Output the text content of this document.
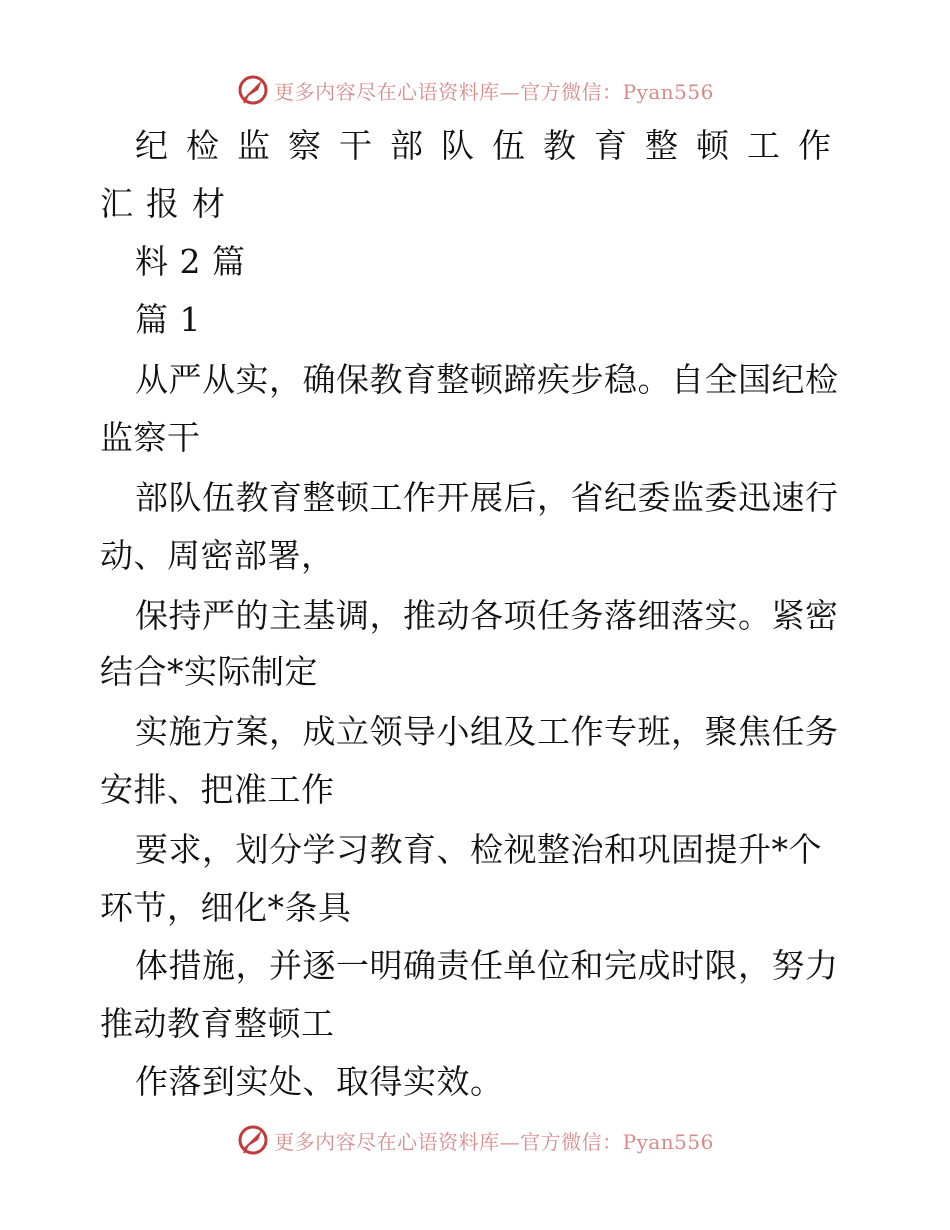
更多内容尽在心语资料库—官方微信：Pyan556
纪检监察干部队伍教育整顿工作
汇报材
料 2 篇
篇 1
从严从实，确保教育整顿蹄疾步稳。自全国纪检
监察干
部队伍教育整顿工作开展后，省纪委监委迅速行
动、周密部署，
保持严的主基调，推动各项任务落细落实。紧密
结合*实际制定
实施方案，成立领导小组及工作专班，聚焦任务
安排、把准工作
要求，划分学习教育、检视整治和巩固提升*个
环节，细化*条具
体措施，并逐一明确责任单位和完成时限，努力
推动教育整顿工
作落到实处、取得实效。
更多内容尽在心语资料库—官方微信：Pyan556
